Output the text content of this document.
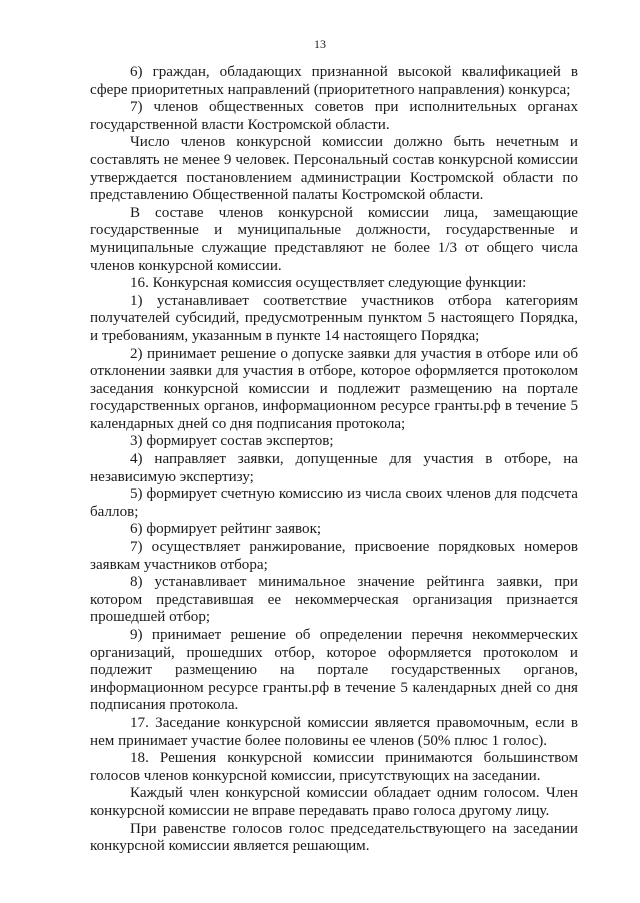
13

6) граждан, обладающих признанной высокой квалификацией в сфере приоритетных направлений (приоритетного направления) конкурса;

7) членов общественных советов при исполнительных органах государственной власти Костромской области.

Число членов конкурсной комиссии должно быть нечетным и составлять не менее 9 человек. Персональный состав конкурсной комиссии утверждается постановлением администрации Костромской области по представлению Общественной палаты Костромской области.

В составе членов конкурсной комиссии лица, замещающие государственные и муниципальные должности, государственные и муниципальные служащие представляют не более 1/3 от общего числа членов конкурсной комиссии.

16. Конкурсная комиссия осуществляет следующие функции:

1) устанавливает соответствие участников отбора категориям получателей субсидий, предусмотренным пунктом 5 настоящего Порядка, и требованиям, указанным в пункте 14 настоящего Порядка;

2) принимает решение о допуске заявки для участия в отборе или об отклонении заявки для участия в отборе, которое оформляется протоколом заседания конкурсной комиссии и подлежит размещению на портале государственных органов, информационном ресурсе гранты.рф в течение 5 календарных дней со дня подписания протокола;

3) формирует состав экспертов;

4) направляет заявки, допущенные для участия в отборе, на независимую экспертизу;

5) формирует счетную комиссию из числа своих членов для подсчета баллов;

6) формирует рейтинг заявок;

7) осуществляет ранжирование, присвоение порядковых номеров заявкам участников отбора;

8) устанавливает минимальное значение рейтинга заявки, при котором представившая ее некоммерческая организация признается прошедшей отбор;

9) принимает решение об определении перечня некоммерческих организаций, прошедших отбор, которое оформляется протоколом и подлежит размещению на портале государственных органов, информационном ресурсе гранты.рф в течение 5 календарных дней со дня подписания протокола.

17. Заседание конкурсной комиссии является правомочным, если в нем принимает участие более половины ее членов (50% плюс 1 голос).

18. Решения конкурсной комиссии принимаются большинством голосов членов конкурсной комиссии, присутствующих на заседании.

Каждый член конкурсной комиссии обладает одним голосом. Член конкурсной комиссии не вправе передавать право голоса другому лицу.

При равенстве голосов голос председательствующего на заседании конкурсной комиссии является решающим.
